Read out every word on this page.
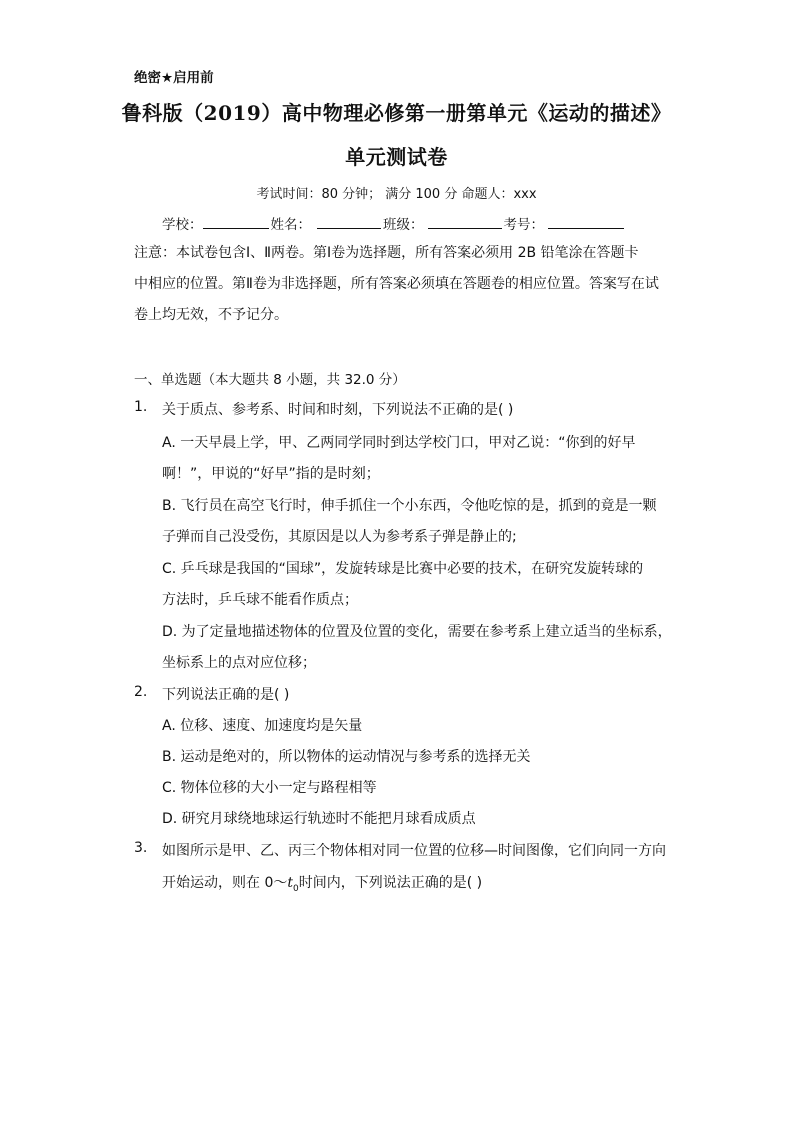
绝密★启用前
鲁科版（2019）高中物理必修第一册第单元《运动的描述》
单元测试卷
考试时间：80 分钟； 满分 100 分 命题人：xxx
学校：	姓名：	班级：	考号：
注意：本试卷包含Ⅰ、Ⅱ两卷。第Ⅰ卷为选择题，所有答案必须用 2B 铅笔涂在答题卡
中相应的位置。第Ⅱ卷为非选择题，所有答案必须填在答题卷的相应位置。答案写在试
卷上均无效，不予记分。
一、单选题（本大题共 8 小题，共 32.0 分）
1. 关于质点、参考系、时间和时刻，下列说法不正确的是( )
A. 一天早晨上学，甲、乙两同学同时到达学校门口，甲对乙说：“你到的好早
啊！”，甲说的“好早”指的是时刻；
B. 飞行员在高空飞行时，伸手抓住一个小东西，令他吃惊的是，抓到的竟是一颗
子弹而自己没受伤，其原因是以人为参考系子弹是静止的;
C. 乒乓球是我国的“国球”，发旋转球是比赛中必要的技术，在研究发旋转球的
方法时，乒乓球不能看作质点；
D. 为了定量地描述物体的位置及位置的变化，需要在参考系上建立适当的坐标系，
坐标系上的点对应位移；
2. 下列说法正确的是( )
A. 位移、速度、加速度均是矢量
B. 运动是绝对的，所以物体的运动情况与参考系的选择无关
C. 物体位移的大小一定与路程相等
D. 研究月球绕地球运行轨迹时不能把月球看成质点
3. 如图所示是甲、乙、丙三个物体相对同一位置的位移—时间图像，它们向同一方向
开始运动，则在 $0\sim t_0$时间内，下列说法正确的是( )
